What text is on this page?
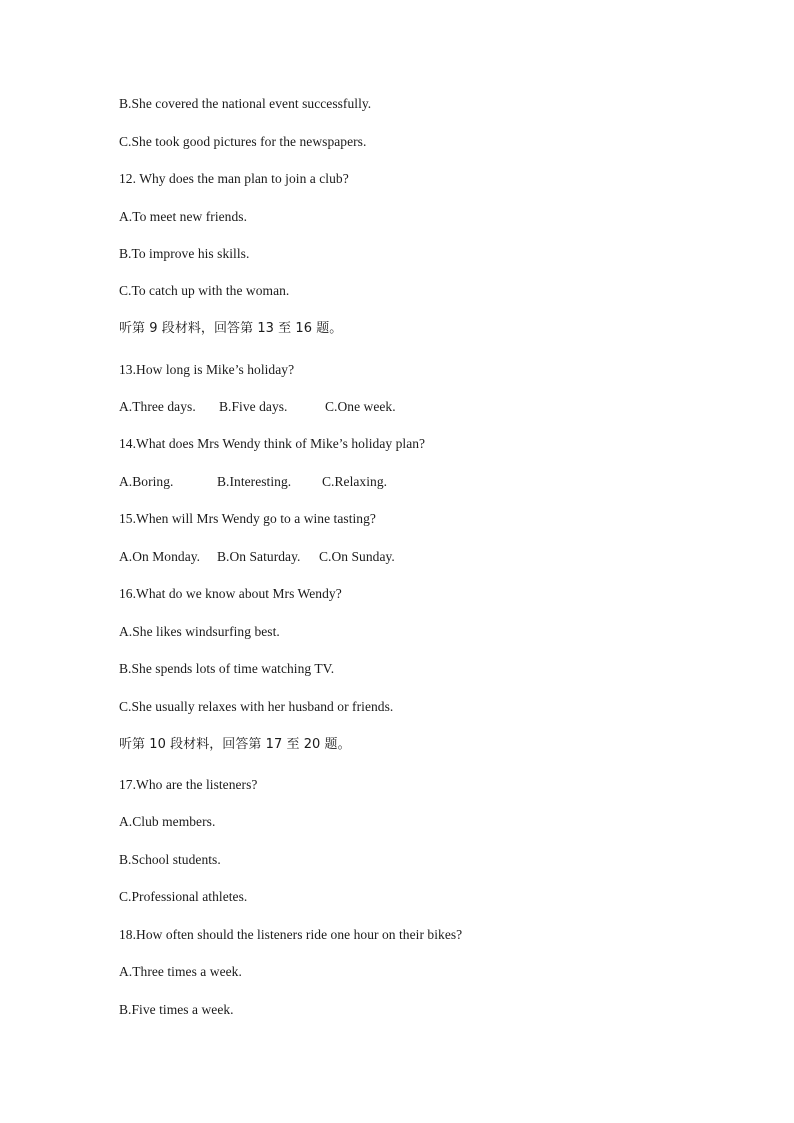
B.She covered the national event successfully.
C.She took good pictures for the newspapers.
12. Why does the man plan to join a club?
A.To meet new friends.
B.To improve his skills.
C.To catch up with the woman.
听第 9 段材料，回答第 13 至 16 题。
13.How long is Mike’s holiday?
A.Three days. B.Five days.	C.One week.
14.What does Mrs Wendy think of Mike’s holiday plan?
A.Boring.	B.Interesting. C.Relaxing.
15.When will Mrs Wendy go to a wine tasting?
A.On Monday. B.On Saturday. C.On Sunday.
16.What do we know about Mrs Wendy?
A.She likes windsurfing best.
B.She spends lots of time watching TV.
C.She usually relaxes with her husband or friends.
听第 10 段材料，回答第 17 至 20 题。
17.Who are the listeners?
A.Club members.
B.School students.
C.Professional athletes.
18.How often should the listeners ride one hour on their bikes?
A.Three times a week.
B.Five times a week.
